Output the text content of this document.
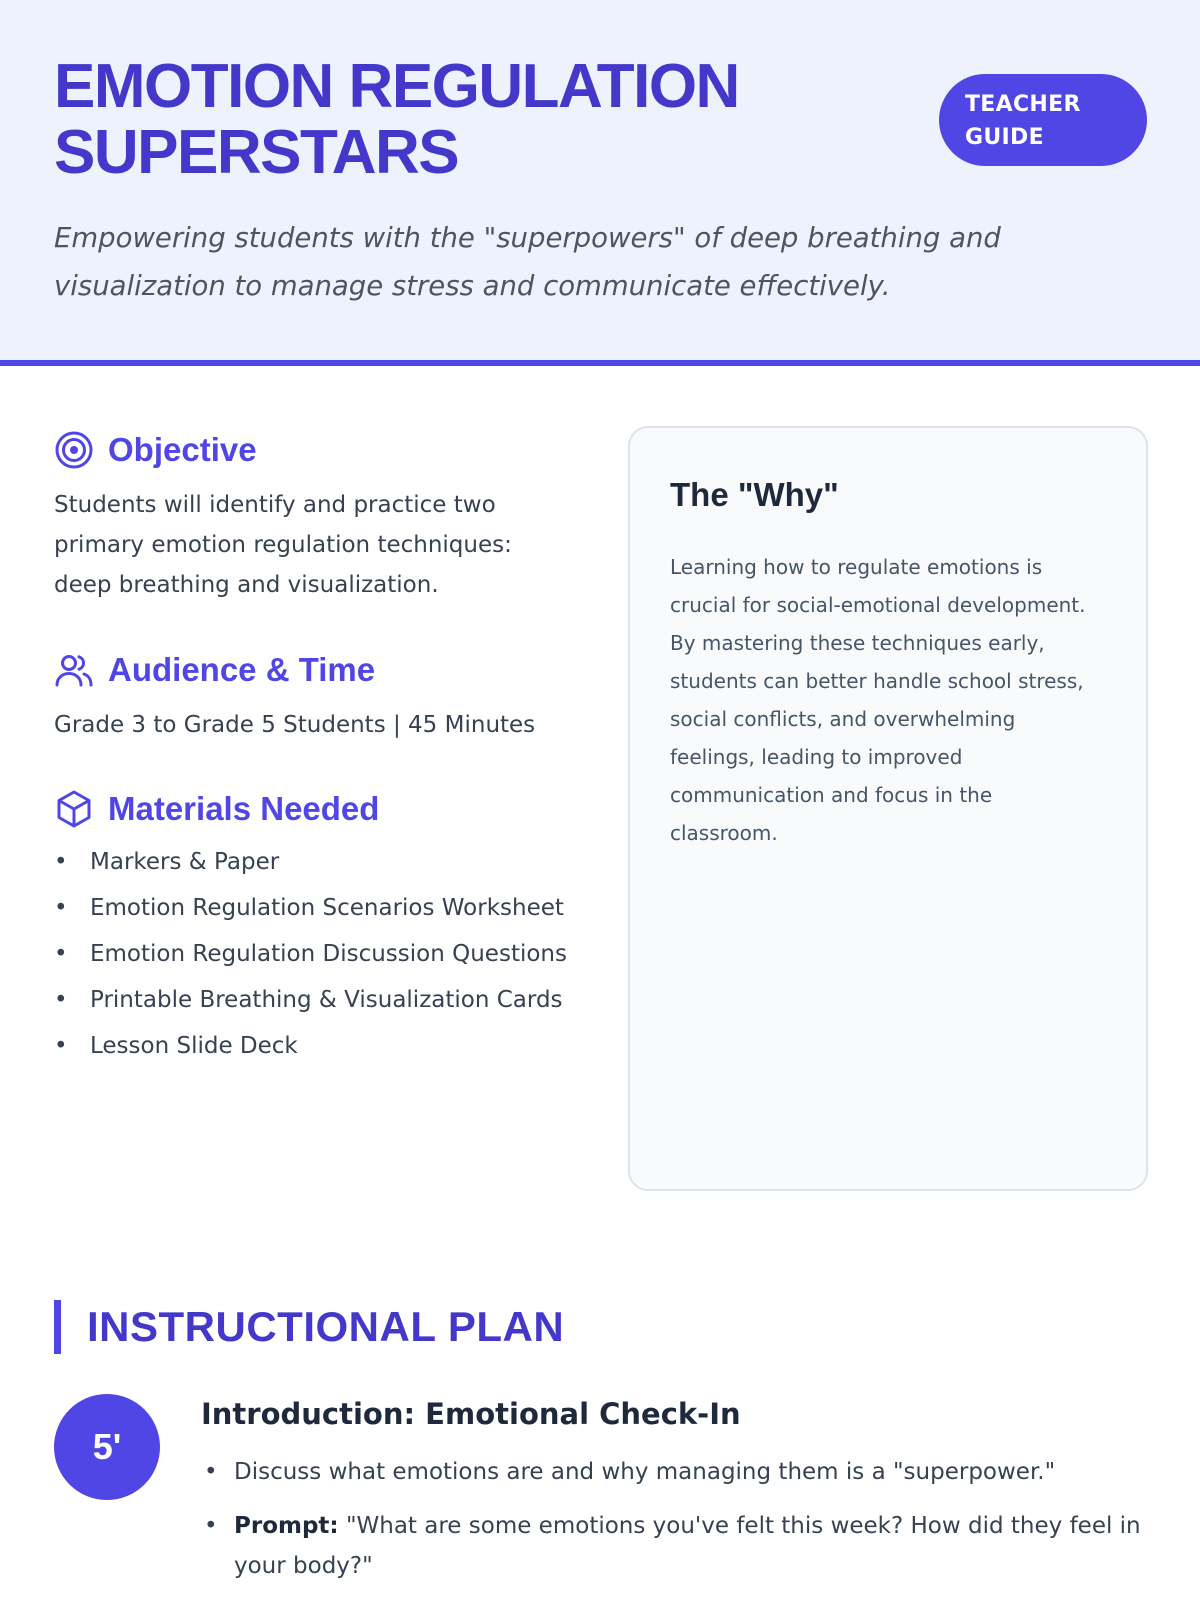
EMOTION REGULATION
SUPERSTARS
TEACHER
GUIDE
Empowering students with the "superpowers" of deep breathing and visualization to manage stress and communicate effectively.
Objective
Students will identify and practice two primary emotion regulation techniques: deep breathing and visualization.
Audience & Time
Grade 3 to Grade 5 Students | 45 Minutes
Materials Needed
• Markers & Paper
• Emotion Regulation Scenarios Worksheet
• Emotion Regulation Discussion Questions
• Printable Breathing & Visualization Cards
• Lesson Slide Deck
The "Why"
Learning how to regulate emotions is crucial for social-emotional development. By mastering these techniques early, students can better handle school stress, social conflicts, and overwhelming feelings, leading to improved communication and focus in the classroom.
INSTRUCTIONAL PLAN
5'
Introduction: Emotional Check-In
• Discuss what emotions are and why managing them is a "superpower."
• Prompt: "What are some emotions you've felt this week? How did they feel in your body?"
